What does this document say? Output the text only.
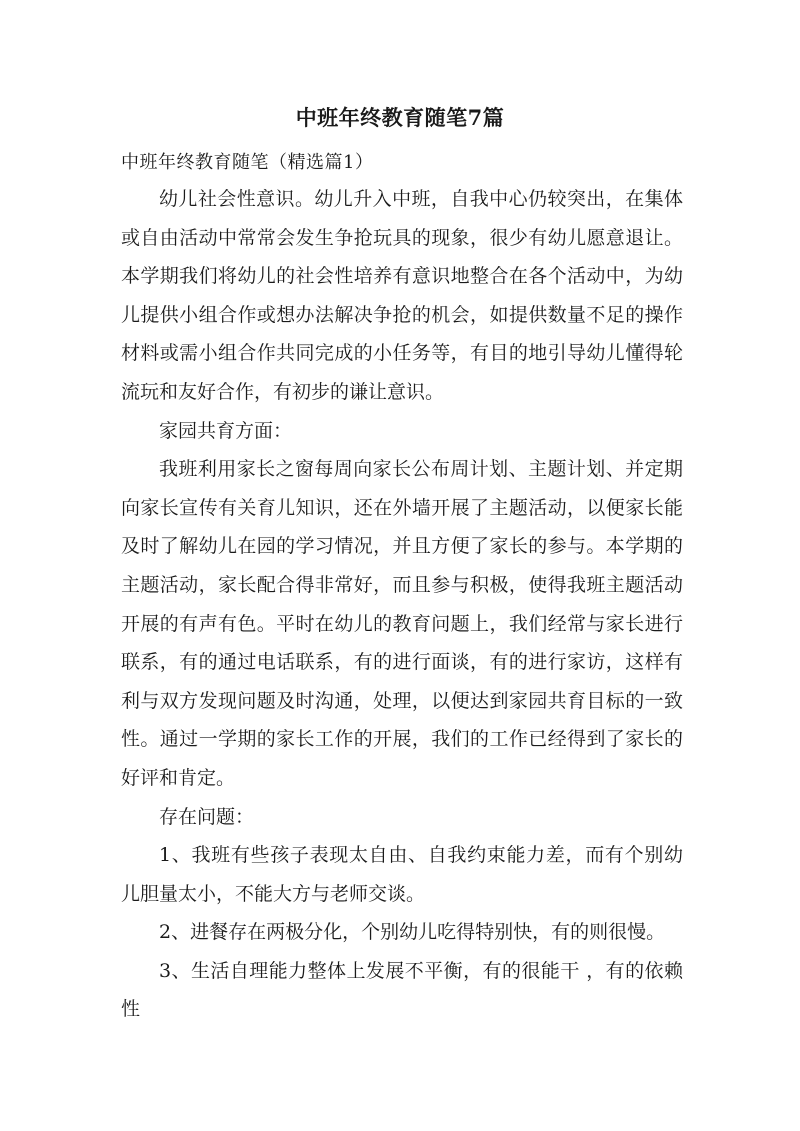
中班年终教育随笔7篇
中班年终教育随笔（精选篇1）

幼儿社会性意识。幼儿升入中班，自我中心仍较突出，在集体或自由活动中常常会发生争抢玩具的现象，很少有幼儿愿意退让。本学期我们将幼儿的社会性培养有意识地整合在各个活动中，为幼儿提供小组合作或想办法解决争抢的机会，如提供数量不足的操作材料或需小组合作共同完成的小任务等，有目的地引导幼儿懂得轮流玩和友好合作，有初步的谦让意识。

家园共育方面：

我班利用家长之窗每周向家长公布周计划、主题计划、并定期向家长宣传有关育儿知识，还在外墙开展了主题活动，以便家长能及时了解幼儿在园的学习情况，并且方便了家长的参与。本学期的主题活动，家长配合得非常好，而且参与积极，使得我班主题活动开展的有声有色。平时在幼儿的教育问题上，我们经常与家长进行联系，有的通过电话联系，有的进行面谈，有的进行家访，这样有利与双方发现问题及时沟通，处理，以便达到家园共育目标的一致性。通过一学期的家长工作的开展，我们的工作已经得到了家长的好评和肯定。

存在问题：

1、我班有些孩子表现太自由、自我约束能力差，而有个别幼儿胆量太小，不能大方与老师交谈。

2、进餐存在两极分化，个别幼儿吃得特别快，有的则很慢。

3、生活自理能力整体上发展不平衡，有的很能干 ，有的依赖性
